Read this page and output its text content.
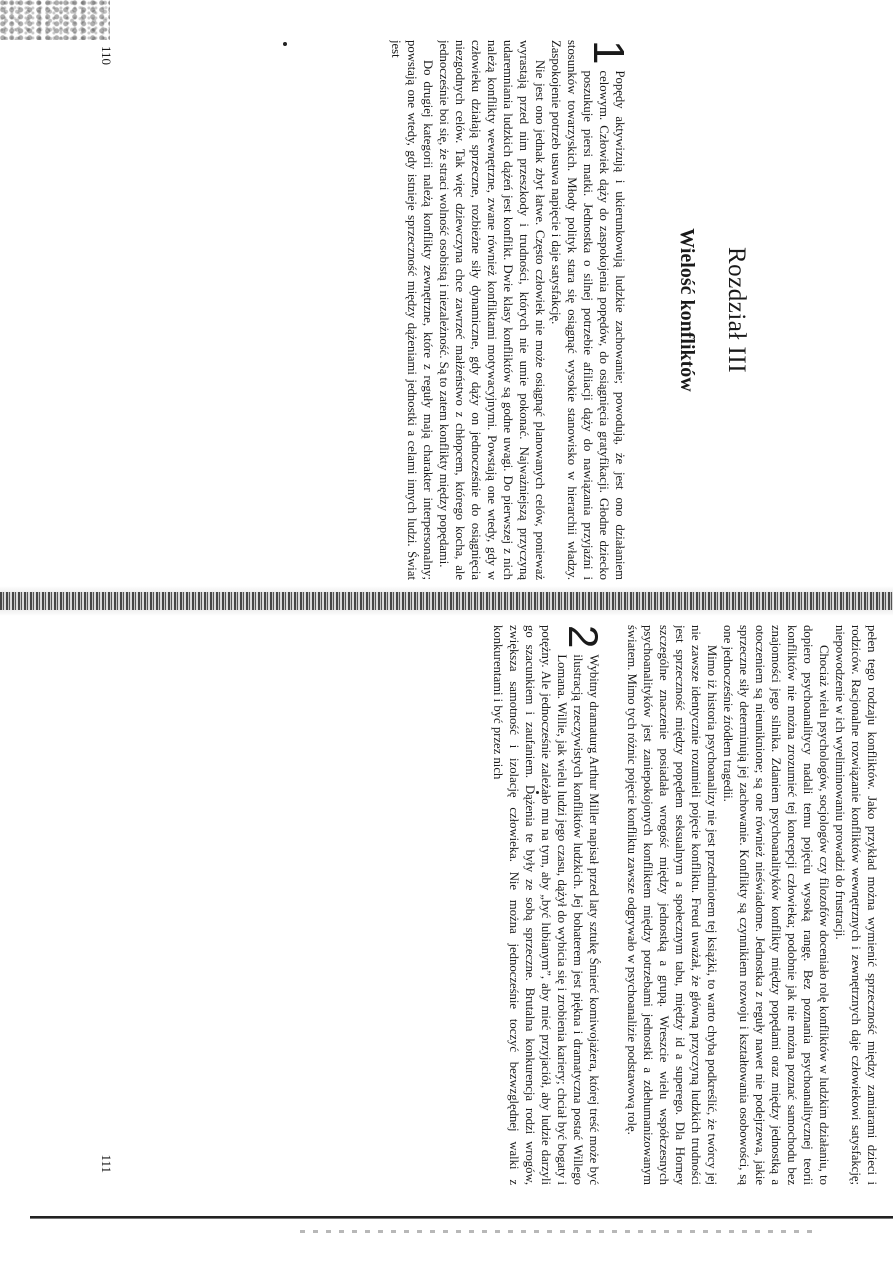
Rozdział III
Wielość konfliktów

1
Popędy aktywizują i ukierunkowują ludzkie zachowanie; powodują, że jest ono działaniem celowym. Człowiek dąży do zaspokojenia popędów, do osiągnięcia gratyfikacji. Głodne dziecko poszukuje piersi matki. Jednostka o silnej potrzebie afiliacji dąży do nawiązania przyjaźni i stosunków towarzyskich. Młody polityk stara się osiągnąć wysokie stanowisko w hierarchii władzy. Zaspokojenie potrzeb usuwa napięcie i daje satysfakcję.

Nie jest ono jednak zbyt łatwe. Często człowiek nie może osiągnąć planowanych celów, ponieważ wyrastają przed nim przeszkody i trudności, których nie umie pokonać. Najważniejszą przyczyną udaremniania ludzkich dążeń jest konflikt. Dwie klasy konfliktów są godne uwagi. Do pierwszej z nich należą konflikty wewnętrzne, zwane również konfliktami motywacyjnymi. Powstają one wtedy, gdy w człowieku działają sprzeczne, rozbieżne siły dynamiczne, gdy dąży on jednocześnie do osiągnięcia niezgodnych celów. Tak więc dziewczyna chce zawrzeć małżeństwo z chłopcem, którego kocha, ale jednocześnie boi się, że straci wolność osobistą i niezależność. Są to zatem konflikty między popędami.

Do drugiej kategorii należą konflikty zewnętrzne, które z reguły mają charakter interpersonalny; powstają one wtedy, gdy istnieje sprzeczność między dążeniami jednostki a celami innych ludzi. Świat jest

110

pełen tego rodzaju konfliktów. Jako przykład można wymienić sprzeczność między zamiarami dzieci i rodziców. Racjonalne rozwiązanie konfliktów wewnętrznych i zewnętrznych daje człowiekowi satysfakcję; niepowodzenie w ich wyeliminowaniu prowadzi do frustracji.

Chociaż wielu psychologów, socjologów czy filozofów doceniało rolę konfliktów w ludzkim działaniu, to dopiero psychoanalitycy nadali temu pojęciu wysoką rangę. Bez poznania psychoanalitycznej teorii konfliktów nie można zrozumieć tej koncepcji człowieka; podobnie jak nie można poznać samochodu bez znajomości jego silnika. Zdaniem psychoanalityków konflikty między popędami oraz między jednostką a otoczeniem są nieuniknione; są one również nieświadome. Jednostka z reguły nawet nie podejrzewa, jakie sprzeczne siły determinują jej zachowanie. Konflikty są czynnikiem rozwoju i kształtowania osobowości, są one jednocześnie źródłem tragedii.

Mimo iż historia psychoanalizy nie jest przedmiotem tej książki, to warto chyba podkreślić, że twórcy jej nie zawsze identycznie rozumieli pojęcie konfliktu. Freud uważał, że główną przyczyną ludzkich trudności jest sprzeczność między popędem seksualnym a społecznym tabu, między id a superego. Dla Horney szczególne znaczenie posiadała wrogość między jednostką a grupą. Wreszcie wielu współczesnych psychoanalityków jest zaniepokojonych konfliktem między potrzebami jednostki a zdehumanizowanym światem. Mimo tych różnic pojęcie konfliktu zawsze odgrywało w psychoanalizie podstawową rolę.

2
Wybitny dramaturg Arthur Miller napisał przed laty sztukę Śmierć komiwojażera, której treść może być ilustracją rzeczywistych konfliktów ludzkich. Jej bohaterem jest piękna i dramatyczna postać Willego Lomana. Willie, jak wielu ludzi jego czasu, dążył do wybicia się i zrobienia kariery; chciał być bogaty i potężny. Ale jednocześnie zależało mu na tym, aby „być lubianym”, aby mieć przyjaciół, aby ludzie darzyli go szacunkiem i zaufaniem. Dążenia te były ze sobą sprzeczne. Brutalna konkurencja rodzi wrogów, zwiększa samotność i izolację człowieka. Nie można jednocześnie toczyć bezwzględnej walki z konkurentami i być przez nich

111
